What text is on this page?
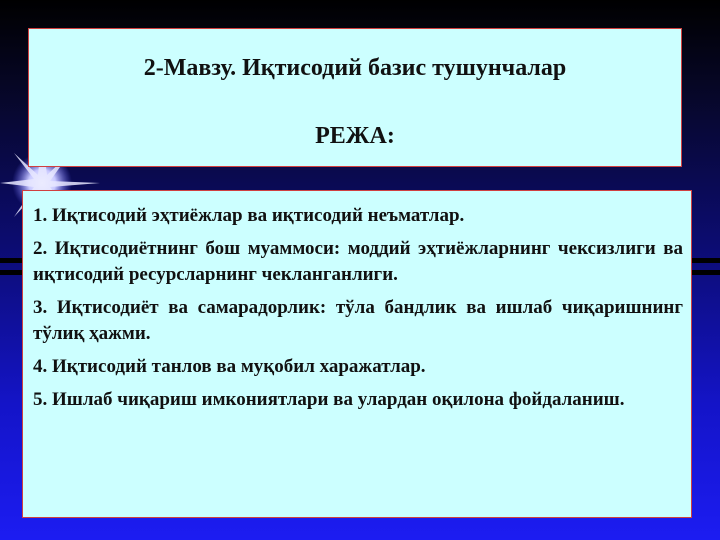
2-Мавзу. Иқтисодий базис тушунчалар
РЕЖА:

1. Иқтисодий эҳтиёжлар ва иқтисодий неъматлар.

2. Иқтисодиётнинг бош муаммоси: моддий эҳтиёжларнинг чексизлиги ва иқтисодий ресурсларнинг чекланганлиги.

3. Иқтисодиёт ва самарадорлик: тўла бандлик ва ишлаб чиқаришнинг тўлиқ ҳажми.

4. Иқтисодий танлов ва муқобил харажатлар.

5. Ишлаб чиқариш имкониятлари ва улардан оқилона фойдаланиш.
